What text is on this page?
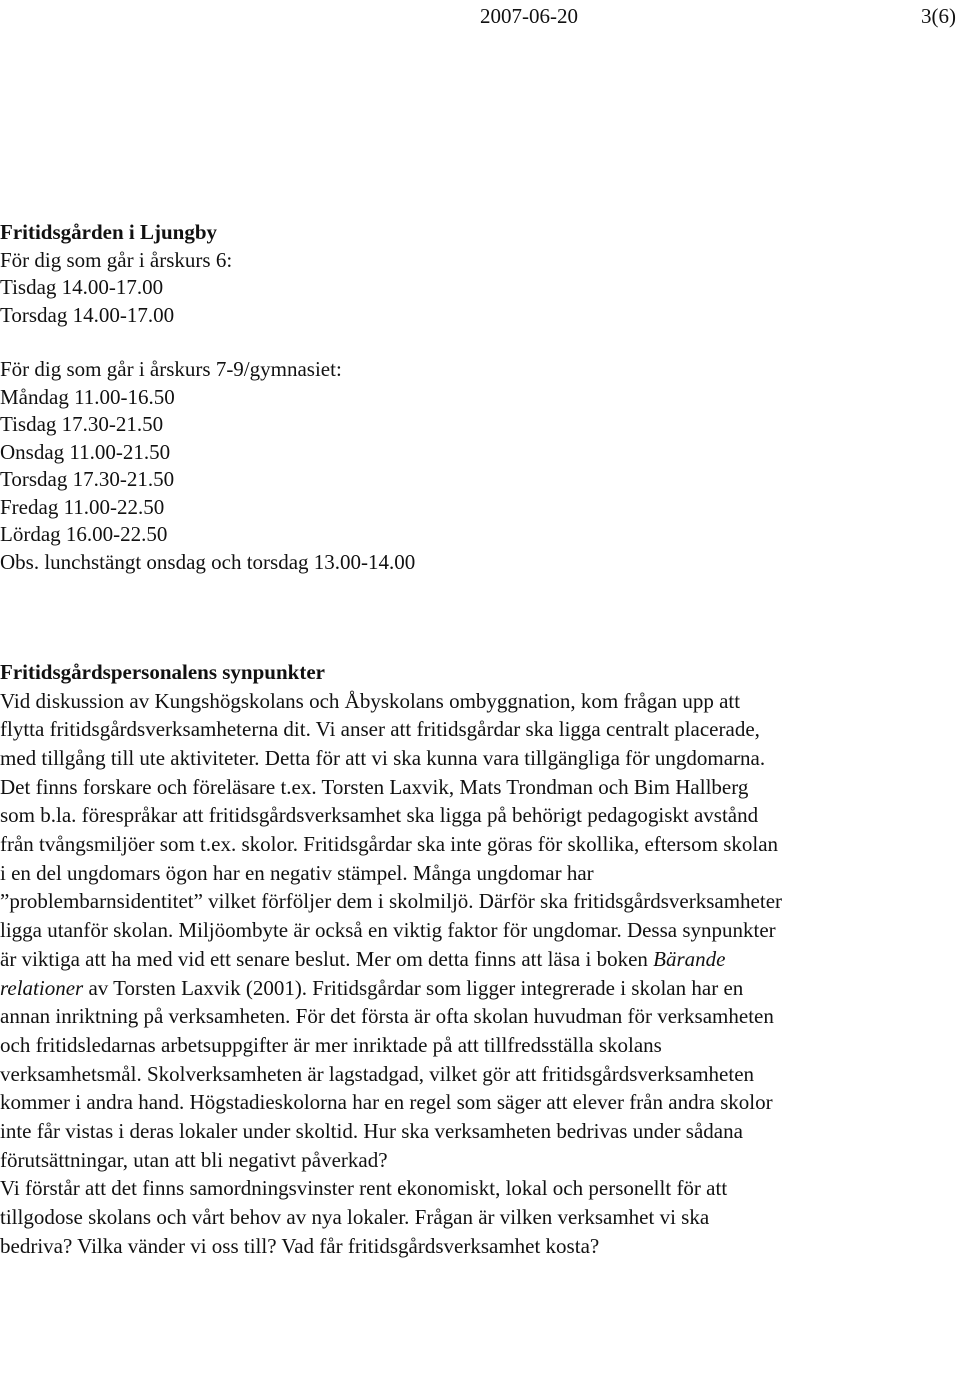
2007-06-20	3(6)

Fritidsgården i Ljungby

För dig som går i årskurs 6:

Tisdag 14.00-17.00

Torsdag 14.00-17.00

För dig som går i årskurs 7-9/gymnasiet:

Måndag 11.00-16.50

Tisdag 17.30-21.50

Onsdag 11.00-21.50

Torsdag 17.30-21.50

Fredag 11.00-22.50

Lördag 16.00-22.50

Obs. lunchstängt onsdag och torsdag 13.00-14.00

Fritidsgårdspersonalens synpunkter

Vid diskussion av Kungshögskolans och Åbyskolans ombyggnation, kom frågan upp att
flytta fritidsgårdsverksamheterna dit. Vi anser att fritidsgårdar ska ligga centralt placerade,
med tillgång till ute aktiviteter. Detta för att vi ska kunna vara tillgängliga för ungdomarna.
Det finns forskare och föreläsare t.ex. Torsten Laxvik, Mats Trondman och Bim Hallberg
som b.la. förespråkar att fritidsgårdsverksamhet ska ligga på behörigt pedagogiskt avstånd
från tvångsmiljöer som t.ex. skolor. Fritidsgårdar ska inte göras för skollika, eftersom skolan
i en del ungdomars ögon har en negativ stämpel. Många ungdomar har
”problembarnsidentitet” vilket förföljer dem i skolmiljö. Därför ska fritidsgårdsverksamheter
ligga utanför skolan. Miljöombyte är också en viktig faktor för ungdomar. Dessa synpunkter
är viktiga att ha med vid ett senare beslut. Mer om detta finns att läsa i boken Bärande
relationer av Torsten Laxvik (2001). Fritidsgårdar som ligger integrerade i skolan har en
annan inriktning på verksamheten. För det första är ofta skolan huvudman för verksamheten
och fritidsledarnas arbetsuppgifter är mer inriktade på att tillfredsställa skolans
verksamhetsmål. Skolverksamheten är lagstadgad, vilket gör att fritidsgårdsverksamheten
kommer i andra hand. Högstadieskolorna har en regel som säger att elever från andra skolor
inte får vistas i deras lokaler under skoltid. Hur ska verksamheten bedrivas under sådana
förutsättningar, utan att bli negativt påverkad?
Vi förstår att det finns samordningsvinster rent ekonomiskt, lokal och personellt för att
tillgodose skolans och vårt behov av nya lokaler. Frågan är vilken verksamhet vi ska
bedriva? Vilka vänder vi oss till? Vad får fritidsgårdsverksamhet kosta?
